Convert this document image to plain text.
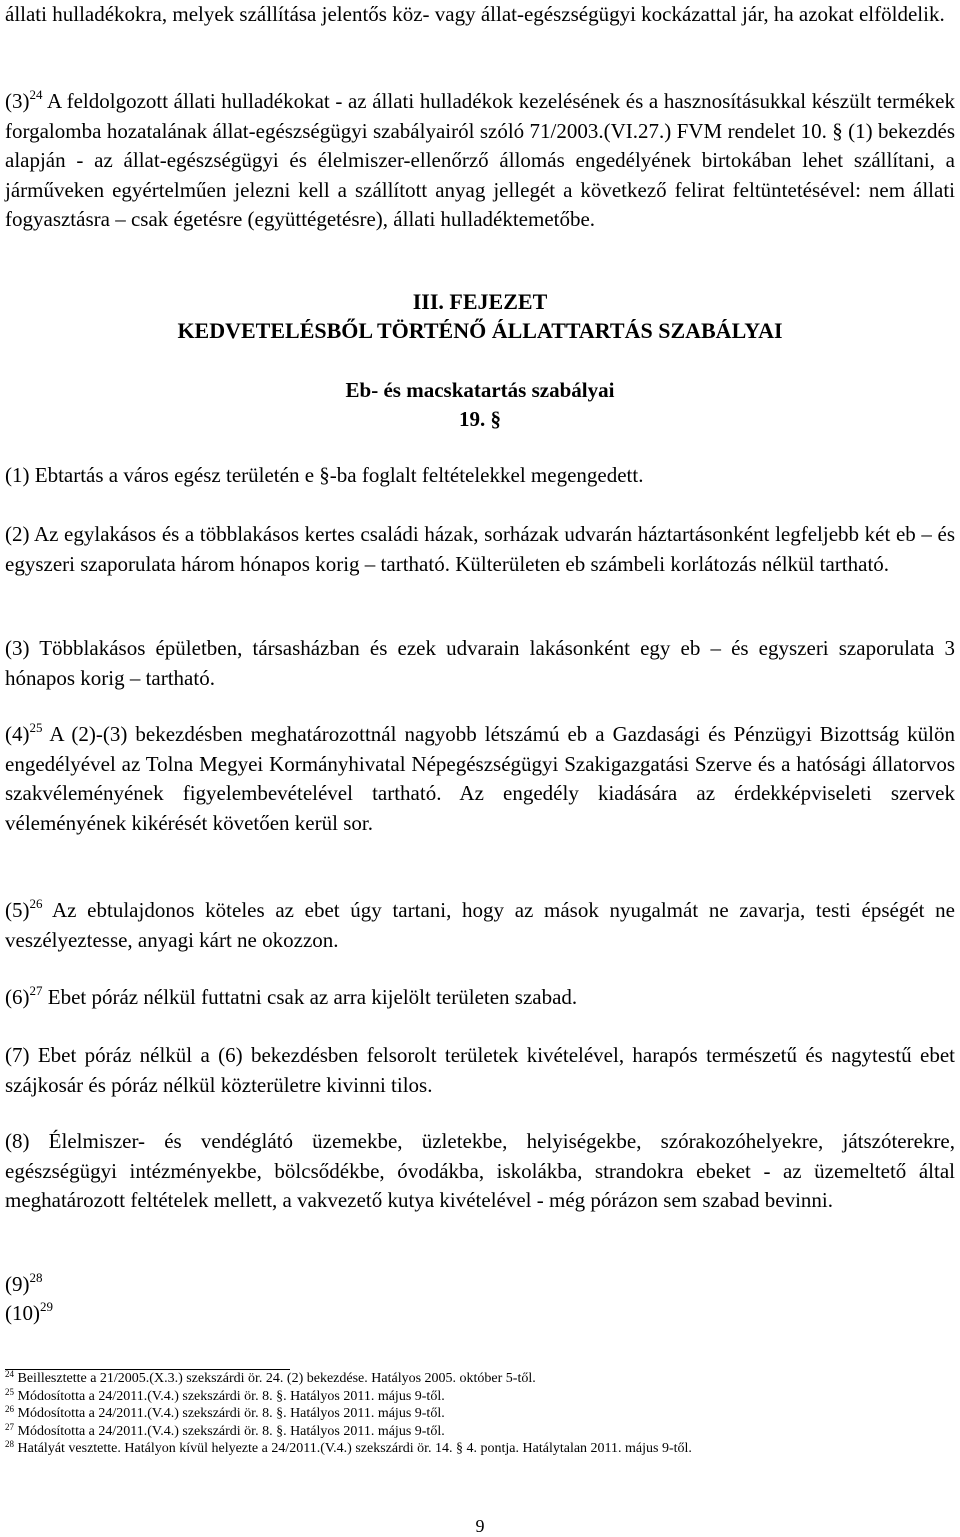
állati hulladékokra, melyek szállítása jelentős köz- vagy állat-egészségügyi kockázattal jár, ha azokat elföldelik.

$(3)^{24}$ A feldolgozott állati hulladékokat - az állati hulladékok kezelésének és a hasznosításukkal készült termékek forgalomba hozatalának állat-egészségügyi szabályairól szóló 71/2003.(VI.27.) FVM rendelet 10. § (1) bekezdés alapján - az állat-egészségügyi és élelmiszer-ellenőrző állomás engedélyének birtokában lehet szállítani, a járműveken egyértelműen jelezni kell a szállított anyag jellegét a következő felirat feltüntetésével: nem állati fogyasztásra – csak égetésre (együttégetésre), állati hulladéktemetőbe.

III. FEJEZET
KEDVETELÉSBŐL TÖRTÉNŐ ÁLLATTARTÁS SZABÁLYAI
Eb- és macskatartás szabályai
19. §

(1) Ebtartás a város egész területén e §-ba foglalt feltételekkel megengedett.

(2) Az egylakásos és a többlakásos kertes családi házak, sorházak udvarán háztartásonként legfeljebb két eb – és egyszeri szaporulata három hónapos korig – tartható. Külterületen eb számbeli korlátozás nélkül tartható.

(3) Többlakásos épületben, társasházban és ezek udvarain lakásonként egy eb – és egyszeri szaporulata 3 hónapos korig – tartható.

$(4)^{25}$ A (2)-(3) bekezdésben meghatározottnál nagyobb létszámú eb a Gazdasági és Pénzügyi Bizottság külön engedélyével az Tolna Megyei Kormányhivatal Népegészségügyi Szakigazgatási Szerve és a hatósági állatorvos szakvéleményének figyelembevételével tartható. Az engedély kiadására az érdekképviseleti szervek véleményének kikérését követően kerül sor.

$(5)^{26}$ Az ebtulajdonos köteles az ebet úgy tartani, hogy az mások nyugalmát ne zavarja, testi épségét ne veszélyeztesse, anyagi kárt ne okozzon.

$(6)^{27}$ Ebet póráz nélkül futtatni csak az arra kijelölt területen szabad.

(7) Ebet póráz nélkül a (6) bekezdésben felsorolt területek kivételével, harapós természetű és nagytestű ebet szájkosár és póráz nélkül közterületre kivinni tilos.

(8) Élelmiszer- és vendéglátó üzemekbe, üzletekbe, helyiségekbe, szórakozóhelyekre, játszóterekre, egészségügyi intézményekbe, bölcsődékbe, óvodákba, iskolákba, strandokra ebeket - az üzemeltető által meghatározott feltételek mellett, a vakvezető kutya kivételével - még pórázon sem szabad bevinni.

$(9)^{28}$

$(10)^{29}$

$^{24}$ Beillesztette a 21/2005.(X.3.) szekszárdi ör. 24. (2) bekezdése. Hatályos 2005. október 5-től.

$^{25}$ Módosította a 24/2011.(V.4.) szekszárdi ör. 8. §. Hatályos 2011. május 9-től.

$^{26}$ Módosította a 24/2011.(V.4.) szekszárdi ör. 8. §. Hatályos 2011. május 9-től.

$^{27}$ Módosította a 24/2011.(V.4.) szekszárdi ör. 8. §. Hatályos 2011. május 9-től.

$^{28}$ Hatályát vesztette. Hatályon kívül helyezte a 24/2011.(V.4.) szekszárdi ör. 14. § 4. pontja. Hatálytalan 2011. május 9-től.

9
